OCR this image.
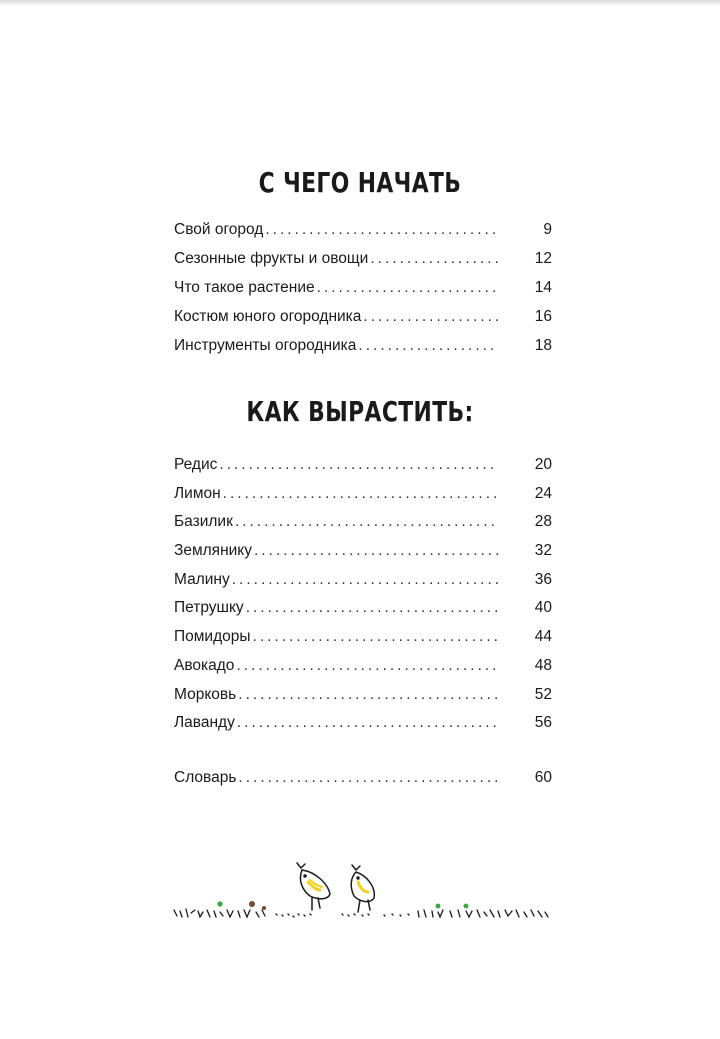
С ЧЕГО НАЧАТЬ
Свой огород .....	9
Сезонные фрукты и овощи .....	12
Что такое растение .....	14
Костюм юного огородника .....	16
Инструменты огородника .....	18
КАК ВЫРАСТИТЬ:
Редис .....	20
Лимон .....	24
Базилик .....	28
Землянику .....	32
Малину .....	36
Петрушку .....	40
Помидоры .....	44
Авокадо .....	48
Морковь .....	52
Лаванду .....	56
Словарь .....	60
